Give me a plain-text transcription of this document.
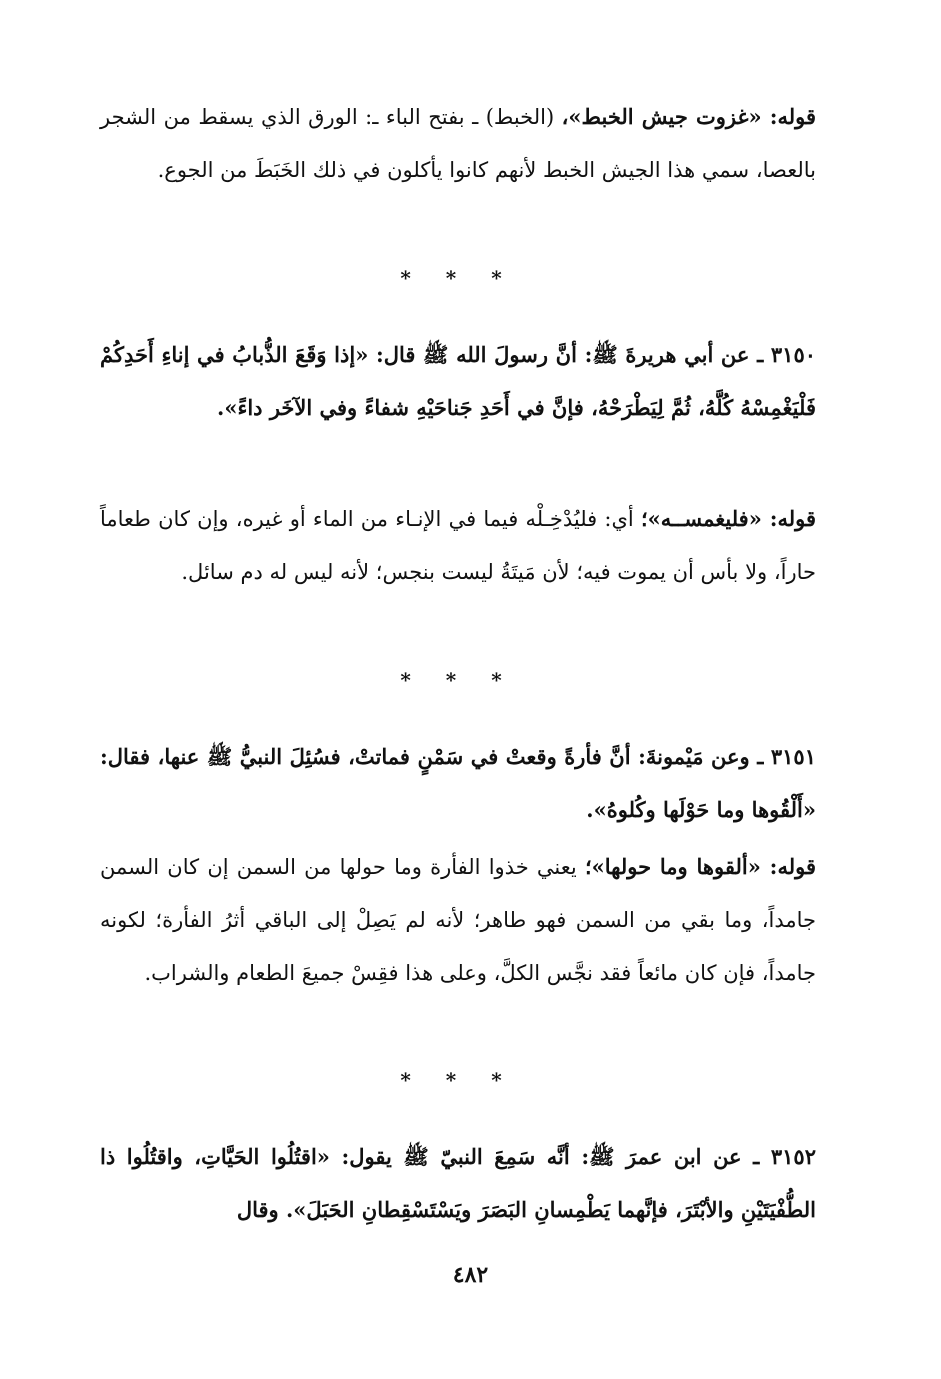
قوله: «غزوت جيش الخبط»، (الخبط) ـ بفتح الباء ـ: الورق الذي يسقط من الشجر بالعصا، سمي هذا الجيش الخبط لأنهم كانوا يأكلون في ذلك الخَبَطَ من الجوع.

* * *

٣١٥٠ ـ عن أبي هريرةَ ﷺ: أنَّ رسولَ الله ﷺ قال: «إذا وَقَعَ الذُّبابُ في إناءِ أَحَدِكُمْ فَلْيَغْمِسْهُ كُلَّهُ، ثُمَّ لِيَطْرَحْهُ، فإنَّ في أَحَدِ جَناحَيْهِ شفاءً وفي الآخَر داءً».

قوله: «فليغمســه»؛ أي: فليُدْخِـلْه فيما في الإنـاء من الماء أو غيره، وإن كان طعاماً حاراً، ولا بأس أن يموت فيه؛ لأن مَيتَةُ ليست بنجس؛ لأنه ليس له دم سائل.

* * *

٣١٥١ ـ وعن مَيْمونةَ: أنَّ فأرةً وقعتْ في سَمْنٍ فماتتْ، فسُئِلَ النبيُّ ﷺ عنها، فقال: «أَلْقُوها وما حَوْلَها وكُلوهُ».

قوله: «ألقوها وما حولها»؛ يعني خذوا الفأرة وما حولها من السمن إن كان السمن جامداً، وما بقي من السمن فهو طاهر؛ لأنه لم يَصِلْ إلى الباقي أثرُ الفأرة؛ لكونه جامداً، فإن كان مائعاً فقد نجَّس الكلَّ، وعلى هذا فقِسْ جميعَ الطعام والشراب.

* * *

٣١٥٢ ـ عن ابن عمرَ ﷺ: أنَّه سَمِعَ النبيّ ﷺ يقول: «اقتُلُوا الحَيَّاتِ، واقتُلُوا ذا الطُّفْيَتَيْنِ والأبْتَرَ، فإنَّهما يَطْمِسانِ البَصَرَ ويَسْتَسْقِطانِ الحَبَلَ». وقال

٤٨٢
